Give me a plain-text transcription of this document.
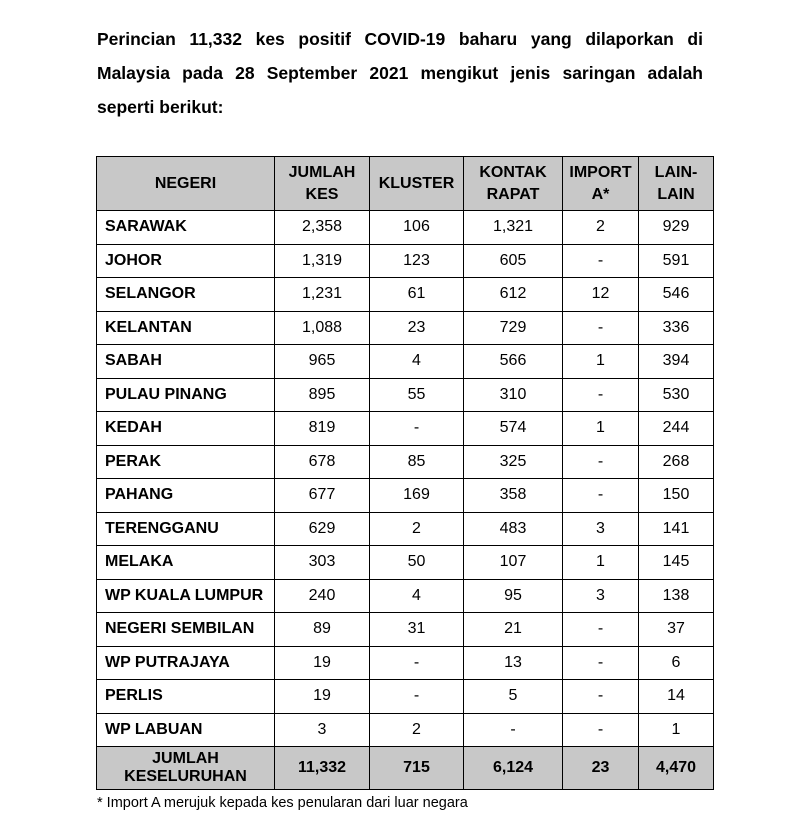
Perincian 11,332 kes positif COVID-19 baharu yang dilaporkan di Malaysia pada 28 September 2021 mengikut jenis saringan adalah seperti berikut:
NEGERI	JUMLAH KES	KLUSTER	KONTAK RAPAT	IMPORT A*	LAIN-LAIN
SARAWAK	2,358	106	1,321	2	929
JOHOR	1,319	123	605	-	591
SELANGOR	1,231	61	612	12	546
KELANTAN	1,088	23	729	-	336
SABAH	965	4	566	1	394
PULAU PINANG	895	55	310	-	530
KEDAH	819	-	574	1	244
PERAK	678	85	325	-	268
PAHANG	677	169	358	-	150
TERENGGANU	629	2	483	3	141
MELAKA	303	50	107	1	145
WP KUALA LUMPUR	240	4	95	3	138
NEGERI SEMBILAN	89	31	21	-	37
WP PUTRAJAYA	19	-	13	-	6
PERLIS	19	-	5	-	14
WP LABUAN	3	2	-	-	1
JUMLAH KESELURUHAN	11,332	715	6,124	23	4,470
* Import A merujuk kepada kes penularan dari luar negara
